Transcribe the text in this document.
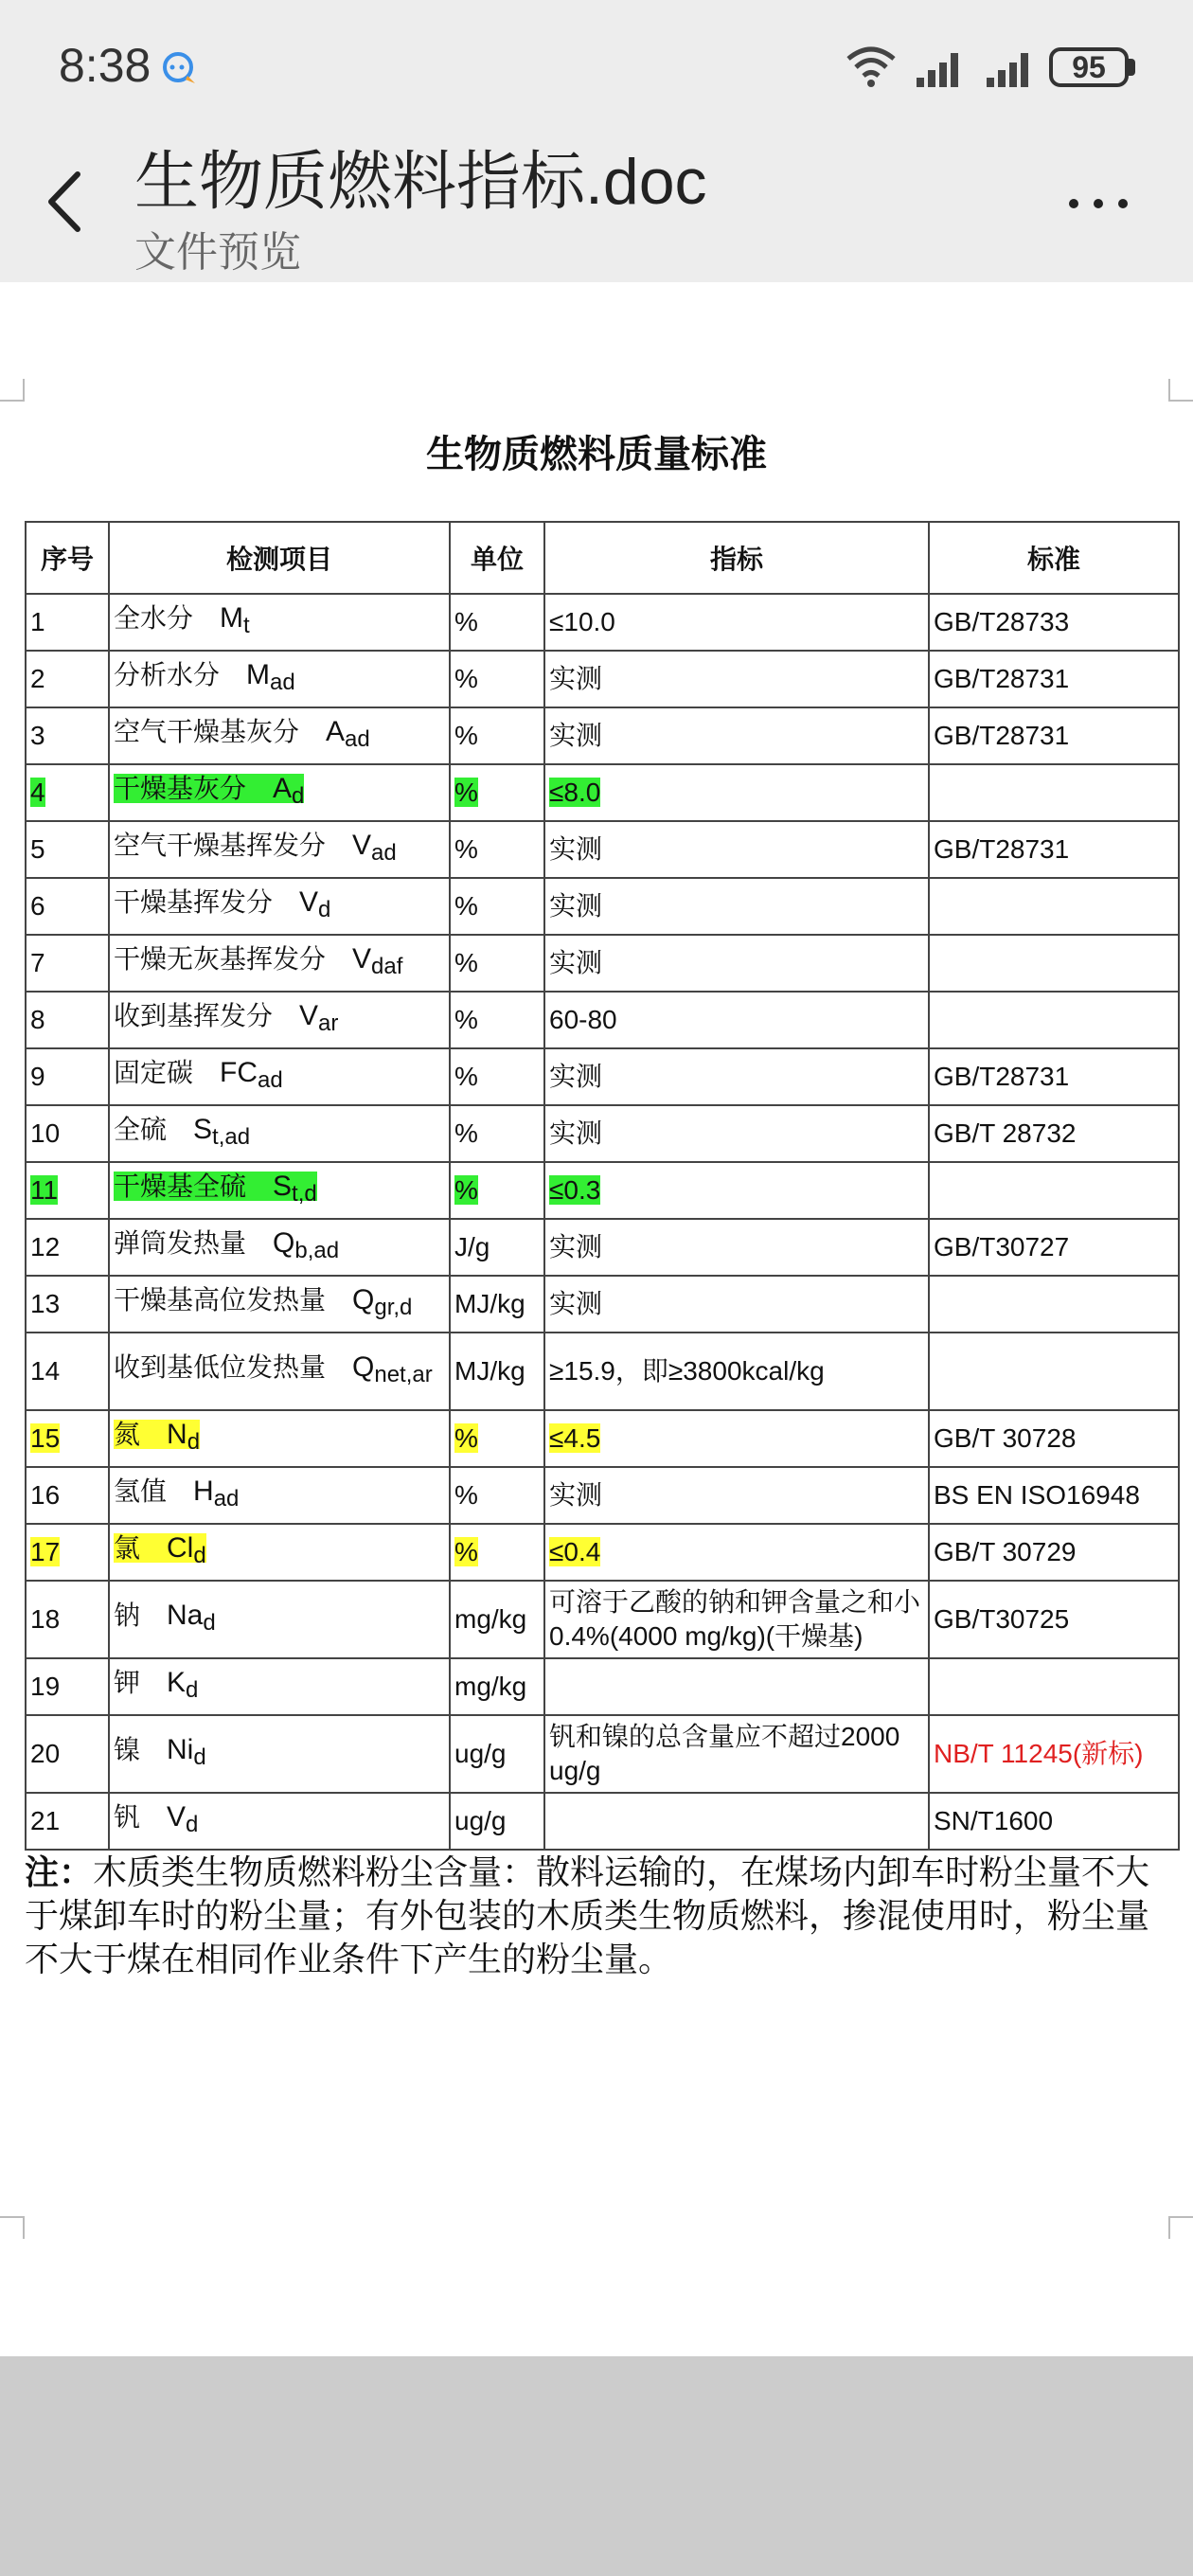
8:38	95
生物质燃料指标.doc
文件预览
生物质燃料质量标准
序号	检测项目	单位	指标	标准
1	全水分 $M_t$	%	≤10.0	GB/T28733
2	分析水分 $M_{ad}$	%	实测	GB/T28731
3	空气干燥基灰分 $A_{ad}$	%	实测	GB/T28731
4	干燥基灰分 $A_d$	%	≤8.0	
5	空气干燥基挥发分 $V_{ad}$	%	实测	GB/T28731
6	干燥基挥发分 $V_d$	%	实测	
7	干燥无灰基挥发分 $V_{daf}$	%	实测	
8	收到基挥发分 $V_{ar}$	%	60-80	
9	固定碳 $FC_{ad}$	%	实测	GB/T28731
10	全硫 $S_{t,ad}$	%	实测	GB/T 28732
11	干燥基全硫 $S_{t,d}$	%	≤0.3	
12	弹筒发热量 $Q_{b,ad}$	J/g	实测	GB/T30727
13	干燥基高位发热量 $Q_{gr,d}$	MJ/kg	实测	
14	收到基低位发热量 $Q_{net,ar}$	MJ/kg	≥15.9，即≥3800kcal/kg	
15	氮 $N_d$	%	≤4.5	GB/T 30728
16	氢值 $H_{ad}$	%	实测	BS EN ISO16948
17	氯 $Cl_d$	%	≤0.4	GB/T 30729
18	钠 $Na_d$	mg/kg	可溶于乙酸的钠和钾含量之和小0.4%(4000 mg/kg)(干燥基)	GB/T30725
19	钾 $K_d$	mg/kg		
20	镍 $Ni_d$	ug/g	钒和镍的总含量应不超过2000 ug/g	NB/T 11245(新标)
21	钒 $V_d$	ug/g		SN/T1600
注：木质类生物质燃料粉尘含量：散料运输的，在煤场内卸车时粉尘量不大于煤卸车时的粉尘量；有外包装的木质类生物质燃料，掺混使用时，粉尘量不大于煤在相同作业条件下产生的粉尘量。
